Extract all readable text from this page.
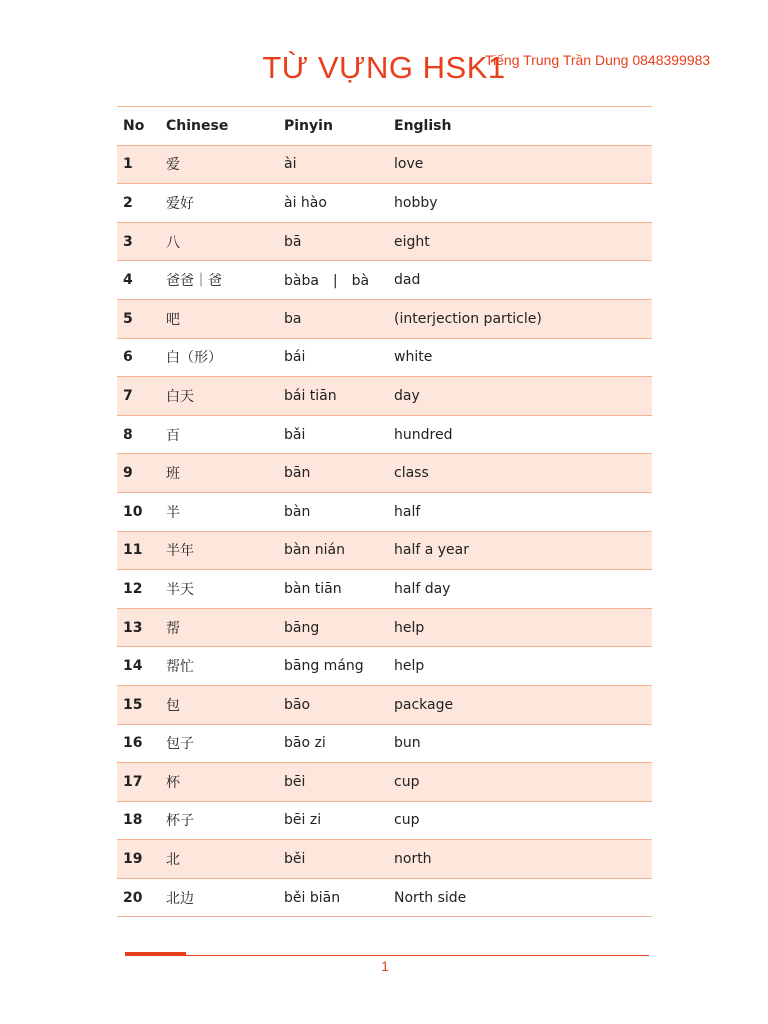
TỪ VỰNG HSK1
Tiếng Trung Trần Dung 0848399983
No	Chinese	Pinyin	English
1	爱	ài	love
2	爱好	ài hào	hobby
3	八	bā	eight
4	爸爸｜爸	bàba　|　bà	dad
5	吧	ba	(interjection particle)
6	白（形）	bái	white
7	白天	bái tiān	day
8	百	bǎi	hundred
9	班	bān	class
10	半	bàn	half
11	半年	bàn nián	half a year
12	半天	bàn tiān	half day
13	帮	bāng	help
14	帮忙	bāng máng	help
15	包	bāo	package
16	包子	bāo zi	bun
17	杯	bēi	cup
18	杯子	bēi zi	cup
19	北	běi	north
20	北边	běi biān	North side
1
